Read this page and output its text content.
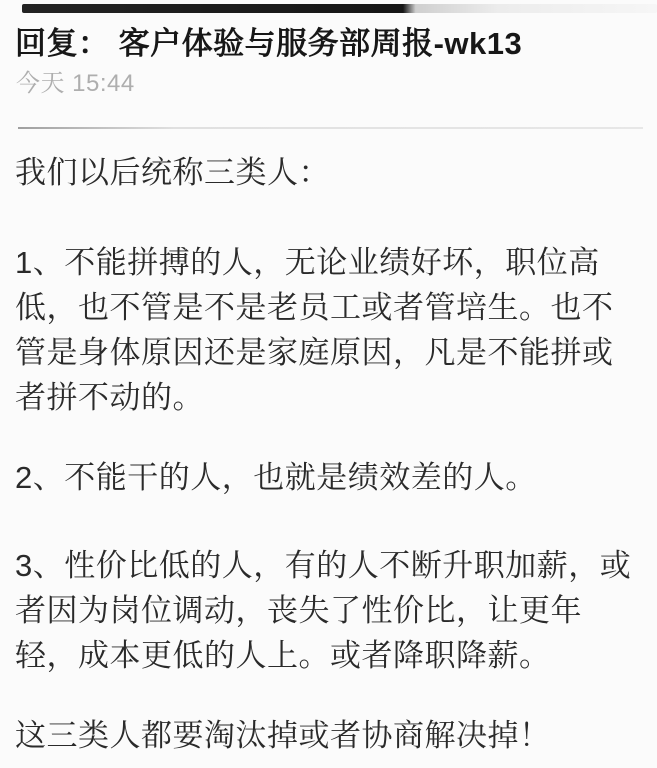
回复： 客户体验与服务部周报-wk13
今天 15:44
我们以后统称三类人：
1、不能拼搏的人，无论业绩好坏，职位高
低，也不管是不是老员工或者管培生。也不
管是身体原因还是家庭原因，凡是不能拼或
者拼不动的。
2、不能干的人，也就是绩效差的人。
3、性价比低的人，有的人不断升职加薪，或
者因为岗位调动，丧失了性价比，让更年
轻，成本更低的人上。或者降职降薪。
这三类人都要淘汰掉或者协商解决掉！
